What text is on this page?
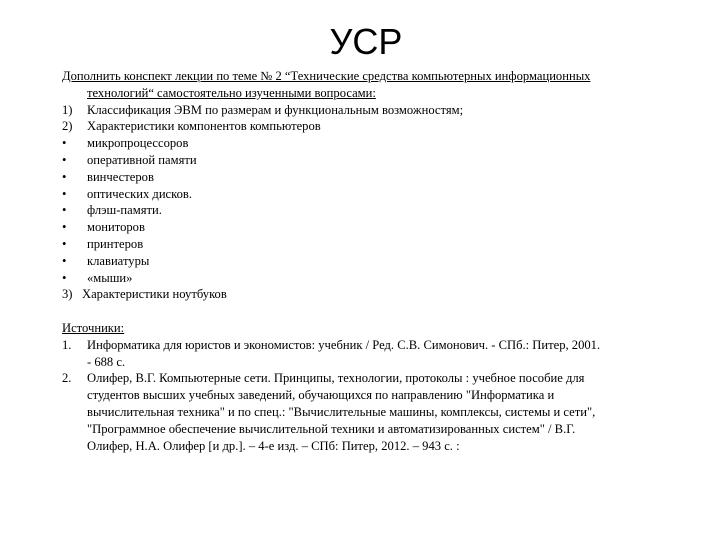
УСР
Дополнить конспект лекции по теме № 2 “Технические средства компьютерных информационных
технологий“ самостоятельно изученными вопросами:
1) Классификация ЭВМ по размерам и функциональным возможностям;
2) Характеристики компонентов компьютеров
• микропроцессоров
• оперативной памяти
• винчестеров
• оптических дисков.
• флэш-памяти.
• мониторов
• принтеров
• клавиатуры
• «мыши»
3) Характеристики ноутбуков
Источники:
1. Информатика для юристов и экономистов: учебник / Ред. С.В. Симонович. - СПб.: Питер, 2001.
- 688 с.
2. Олифер, В.Г. Компьютерные сети. Принципы, технологии, протоколы : учебное пособие для
студентов высших учебных заведений, обучающихся по направлению "Информатика и
вычислительная техника" и по спец.: "Вычислительные машины, комплексы, системы и сети",
"Программное обеспечение вычислительной техники и автоматизированных систем" / В.Г.
Олифер, Н.А. Олифер [и др.]. – 4-е изд. – СПб: Питер, 2012. – 943 с. :
